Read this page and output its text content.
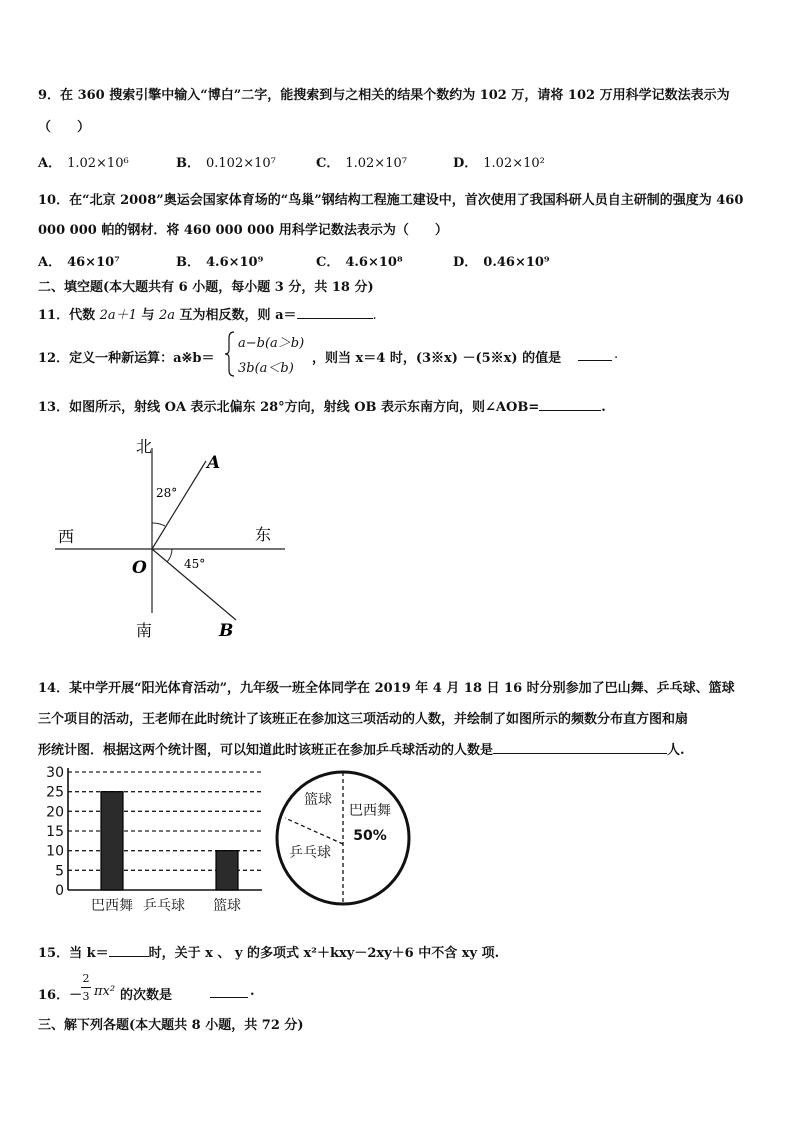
9．在 360 搜索引擎中输入“博白”二字，能搜索到与之相关的结果个数约为 102 万，请将 102 万用科学记数法表示为
（　　）
A． 1.02×10⁶	B． 0.102×10⁷	C． 1.02×10⁷	D． 1.02×10²
10．在“北京 2008”奥运会国家体育场的“鸟巢”钢结构工程施工建设中，首次使用了我国科研人员自主研制的强度为 460
000 000 帕的钢材．将 460 000 000 用科学记数法表示为（　　）
A． 46×10⁷	B． 4.6×10⁹	C． 4.6×10⁸	D． 0.46×10⁹
二、填空题(本大题共有 6 小题，每小题 3 分，共 18 分)
11．代数 2a＋1 与 2a 互为相反数，则 a＝	.
12．定义一种新运算：a※b＝
a−b(a＞b)
3b(a＜b)
，则当 x＝4 时，(3※x) －(5※x) 的值是	.
13．如图所示，射线 OA 表示北偏东 28°方向，射线 OB 表示东南方向，则∠AOB=	.
北
南
西	东
O
A
B
28°
45°
14．某中学开展“阳光体育活动”，九年级一班全体同学在 2019 年 4 月 18 日 16 时分别参加了巴山舞、乒乓球、篮球
三个项目的活动，王老师在此时统计了该班正在参加这三项活动的人数，并绘制了如图所示的频数分布直方图和扇
形统计图．根据这两个统计图，可以知道此时该班正在参加乒乓球活动的人数是	人.
0
5
10
15
20
25
30
巴西舞 乒乓球 篮球
巴西舞
篮球
乒乓球
50%
15．当 k＝	时，关于 x 、 y 的多项式 x²＋kxy－2xy＋6 中不含 xy 项.
16．－
2
3 πx² 的次数是	.
三、解下列各题(本大题共 8 小题，共 72 分)
